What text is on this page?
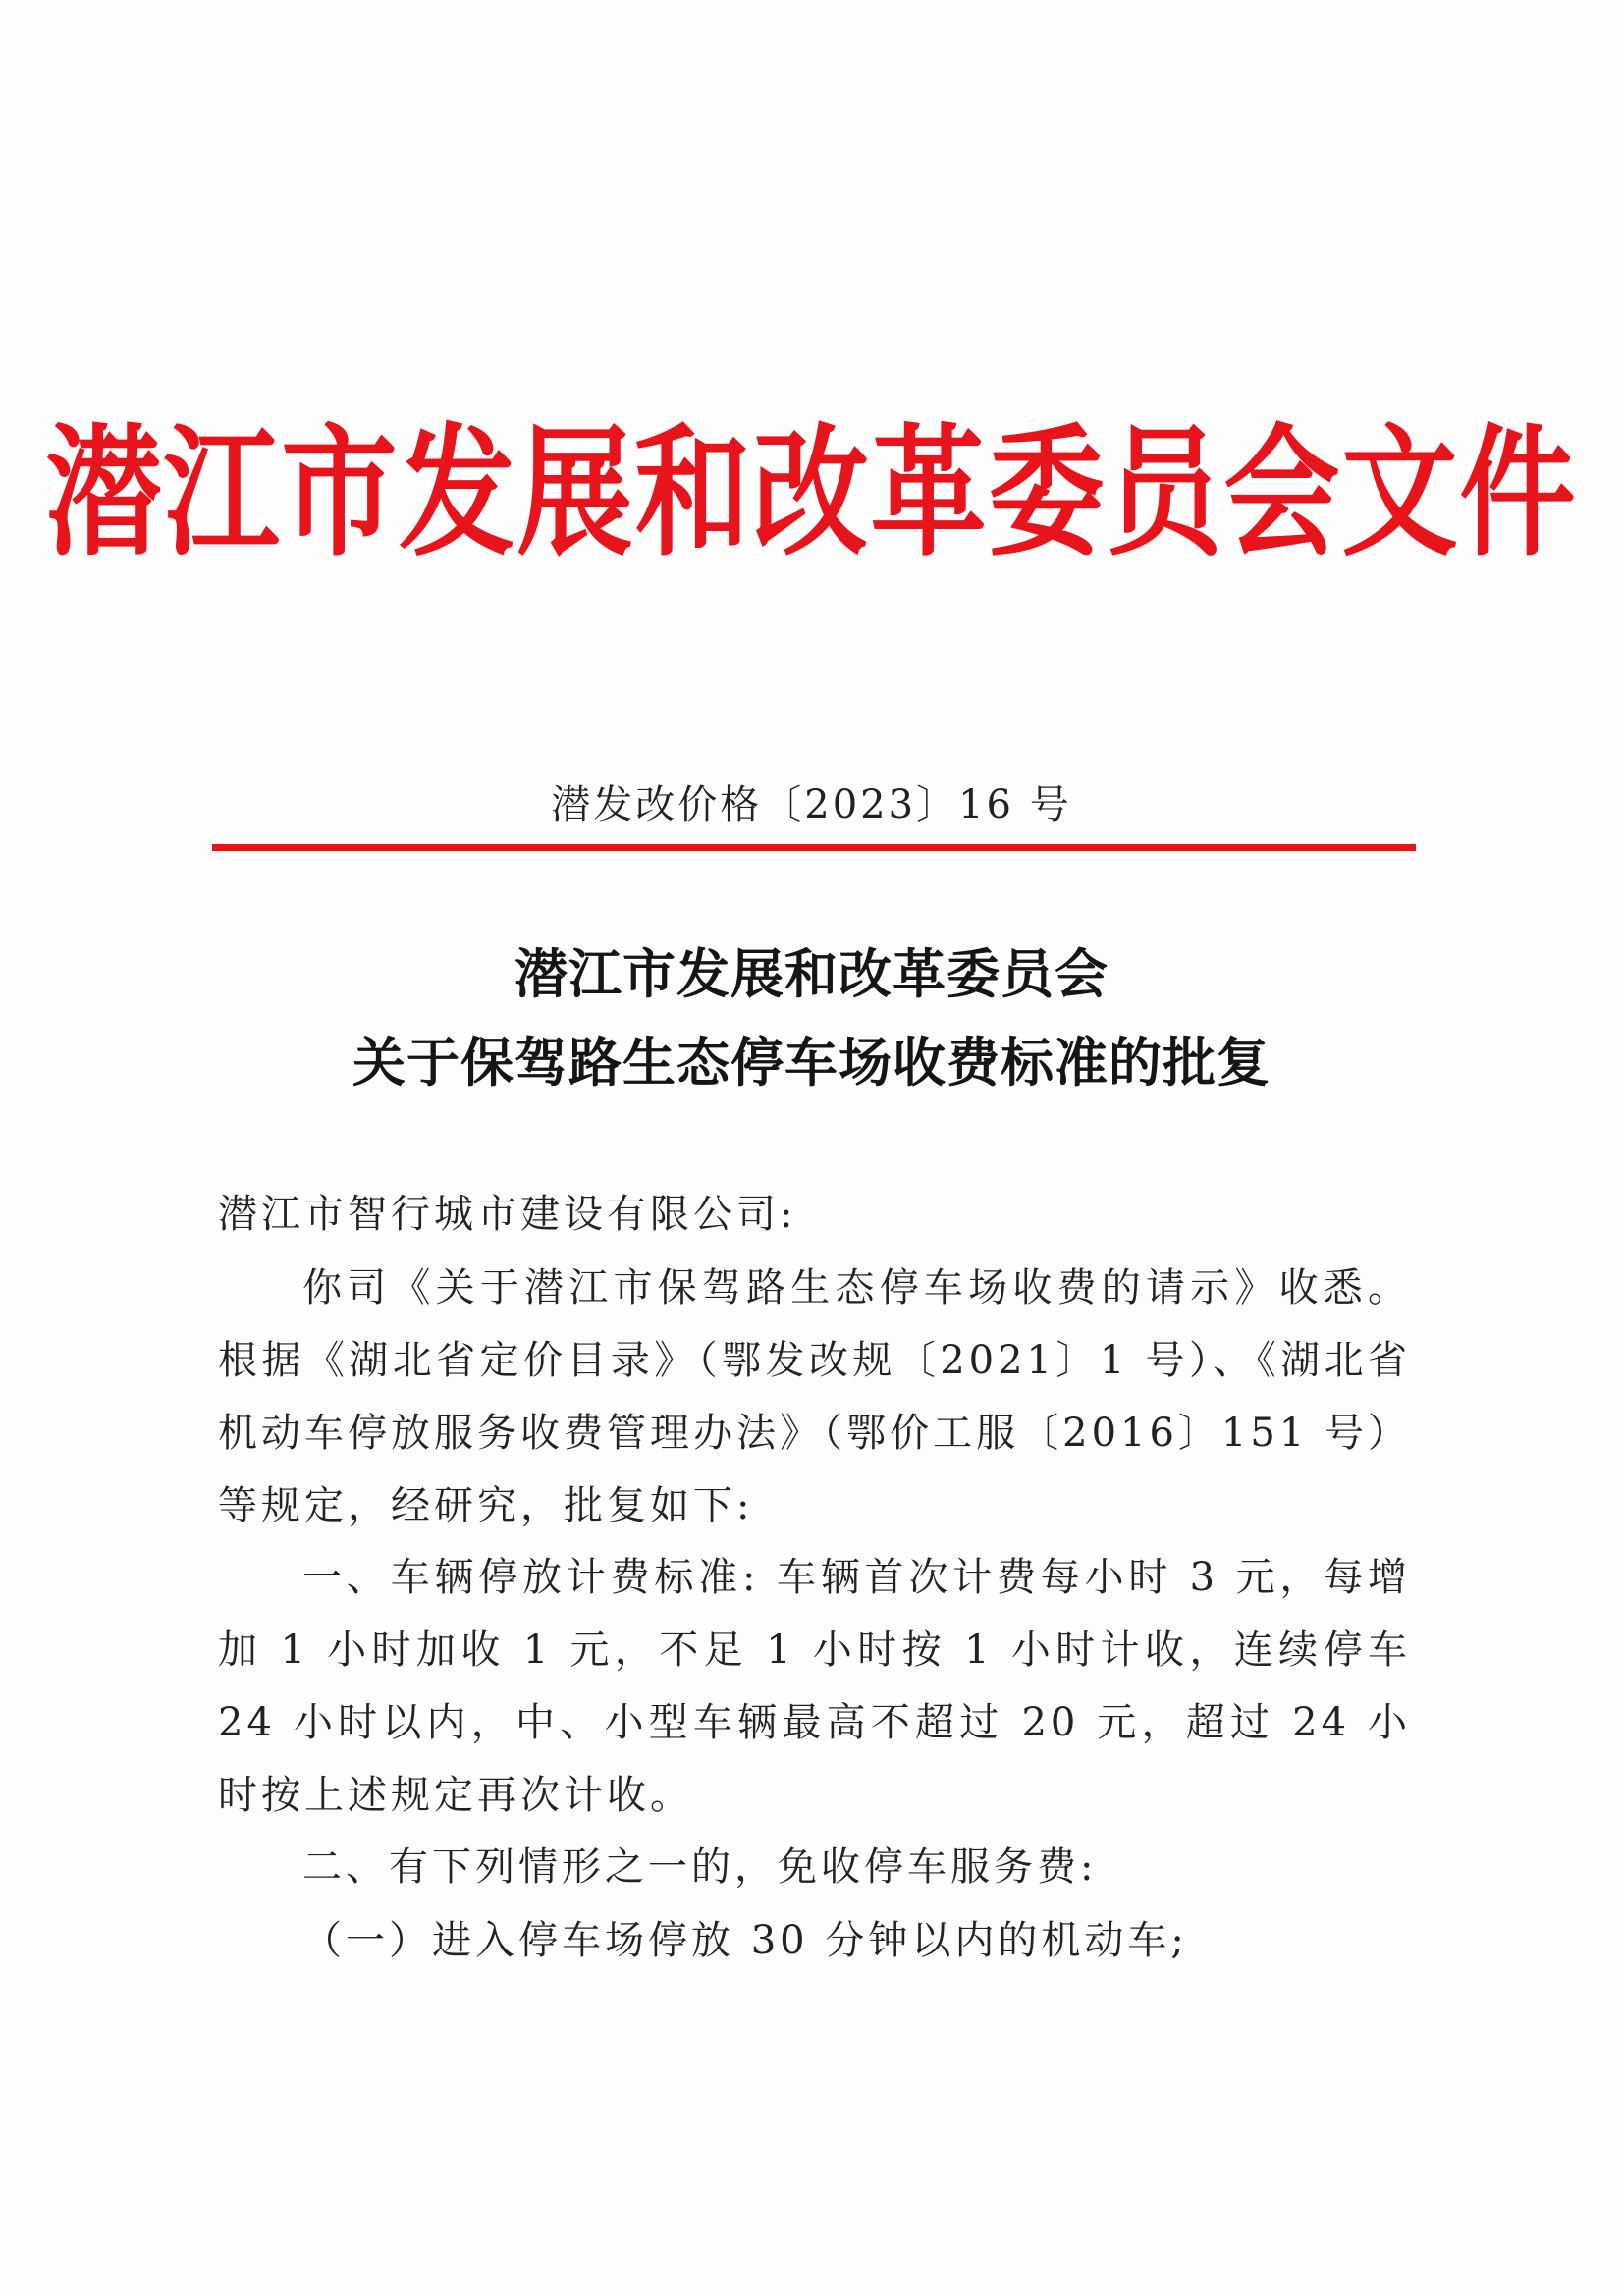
潜江市发展和改革委员会文件
潜发改价格〔2023〕16 号
潜江市发展和改革委员会
关于保驾路生态停车场收费标准的批复
潜江市智行城市建设有限公司:
你司《关于潜江市保驾路生态停车场收费的请示》收悉。根据《湖北省定价目录》（鄂发改规〔2021〕1 号）、《湖北省机动车停放服务收费管理办法》（鄂价工服〔2016〕151 号）等规定，经研究，批复如下:
一、车辆停放计费标准: 车辆首次计费每小时 3 元，每增加 1 小时加收 1 元，不足 1 小时按 1 小时计收，连续停车 24 小时以内，中、小型车辆最高不超过 20 元，超过 24 小时按上述规定再次计收。
二、有下列情形之一的，免收停车服务费:
（一）进入停车场停放 30 分钟以内的机动车;
